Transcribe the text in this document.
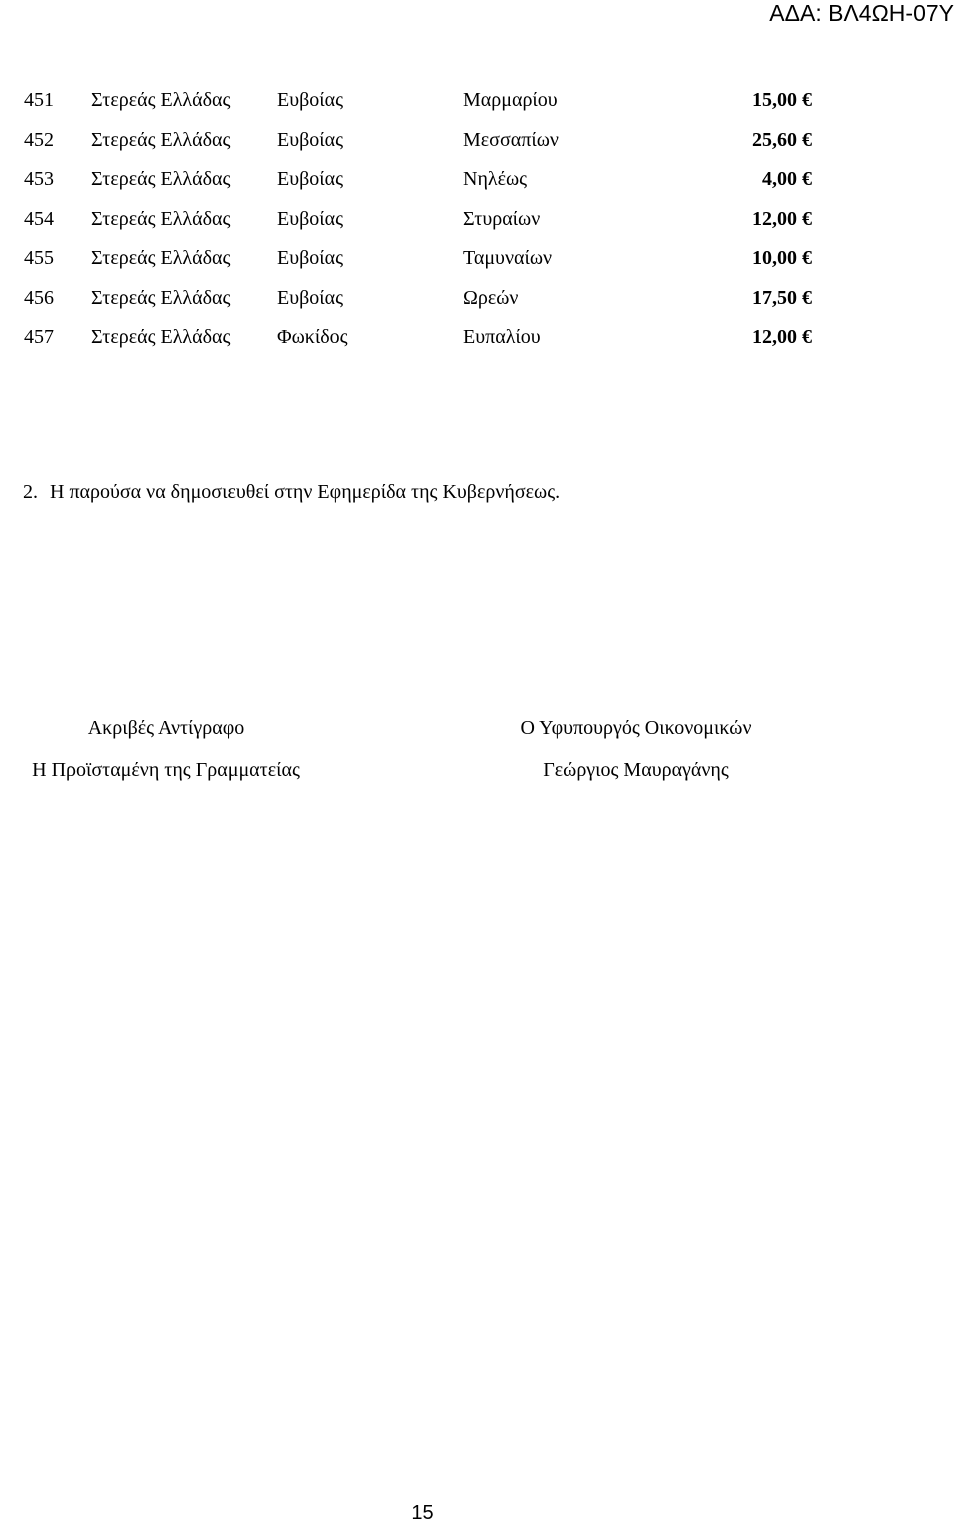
ΑΔΑ: ΒΛ4ΩΗ-07Υ
451 Στερεάς Ελλάδας Ευβοίας	Μαρμαρίου	15,00 €
452 Στερεάς Ελλάδας Ευβοίας	Μεσσαπίων	25,60 €
453 Στερεάς Ελλάδας Ευβοίας	Νηλέως	4,00 €
454 Στερεάς Ελλάδας Ευβοίας	Στυραίων	12,00 €
455 Στερεάς Ελλάδας Ευβοίας	Ταμυναίων	10,00 €
456 Στερεάς Ελλάδας Ευβοίας	Ωρεών	17,50 €
457 Στερεάς Ελλάδας Φωκίδος	Ευπαλίου	12,00 €
2. Η παρούσα να δημοσιευθεί στην Εφημερίδα της Κυβερνήσεως.
Ακριβές Αντίγραφο
Η Προϊσταμένη της Γραμματείας
Ο Υφυπουργός Οικονομικών
Γεώργιος Μαυραγάνης
15
